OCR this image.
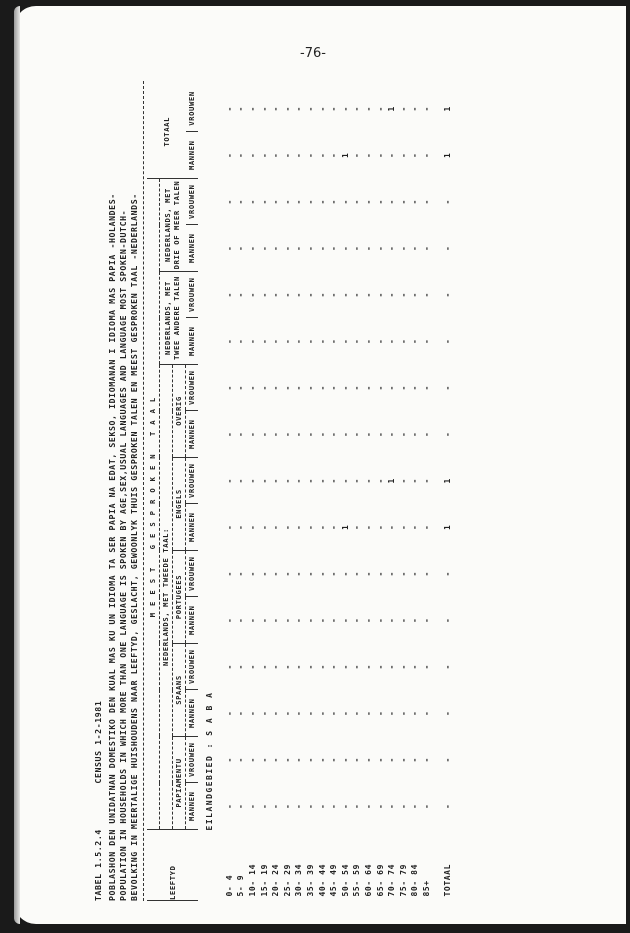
-76-
TABEL 1.5.2.4 CENSUS 1-2-1981 POBLASHON DEN UNIDATNAN DOMESTIKO DEN KUAL MAS KU UN IDIOMA TA SER PAPIA NA EDAT, SEKSO, IDIOMANAN I IDIOMA MAS PAPIA -HOLANDES- POPULATION IN HOUSEHOLDS IN WHICH MORE THAN ONE LANGUAGE IS SPOKEN BY AGE,SEX,USUAL LANGUAGES AND LANGUAGE MOST SPOKEN-DUTCH- BEVOLKING IN MEERTALIGE HUISHOUDENS NAAR LEEFTYD, GESLACHT, GEWOONLYK THUIS GESPROKEN TALEN EN MEEST GESPROKEN TAAL -NEDERLANDS-	LEEFTYD	MEEST GESPROKEN TAAL														TOTAAL	
	NEDERLANDS, MET TWEEDE TAAL:										NEDERLANDS, MET TWEE ANDERE TALEN		NEDERLANDS, MET DRIE OF MEER TALEN			
	PAPIAMENTU		SPAANS		PORTUGEES		ENGELS		OVERIG							
	MANNEN	VROUWEN	MANNEN	VROUWEN	MANNEN	VROUWEN	MANNEN	VROUWEN	MANNEN	VROUWEN	MANNEN	VROUWEN	MANNEN	VROUWEN	MANNEN	VROUWEN
EILANDGEBIED : S A B A																
0- 4	-	-	-	-	-	-	-	-	-	-	-	-	-	-	-	-
5- 9	-	-	-	-	-	-	-	-	-	-	-	-	-	-	-	-
10- 14	-	-	-	-	-	-	-	-	-	-	-	-	-	-	-	-
15- 19	-	-	-	-	-	-	-	-	-	-	-	-	-	-	-	-
20- 24	-	-	-	-	-	-	-	-	-	-	-	-	-	-	-	-
25- 29	-	-	-	-	-	-	-	-	-	-	-	-	-	-	-	-
30- 34	-	-	-	-	-	-	-	-	-	-	-	-	-	-	-	-
35- 39	-	-	-	-	-	-	-	-	-	-	-	-	-	-	-	-
40- 44	-	-	-	-	-	-	-	-	-	-	-	-	-	-	-	-
45- 49	-	-	-	-	-	-	-	-	-	-	-	-	-	-	-	-
50- 54	-	-	-	-	-	-	1	-	-	-	-	-	-	-	1	-
55- 59	-	-	-	-	-	-	-	-	-	-	-	-	-	-	-	-
60- 64	-	-	-	-	-	-	-	-	-	-	-	-	-	-	-	-
65- 69	-	-	-	-	-	-	-	-	-	-	-	-	-	-	-	-
70- 74	-	-	-	-	-	-	-	1	-	-	-	-	-	-	-	1
75- 79	-	-	-	-	-	-	-	-	-	-	-	-	-	-	-	-
80- 84	-	-	-	-	-	-	-	-	-	-	-	-	-	-	-	-
85+	-	-	-	-	-	-	-	-	-	-	-	-	-	-	-	-
TOTAAL	-	-	-	-	-	-	1	1	-	-	-	-	-	-	1	1
